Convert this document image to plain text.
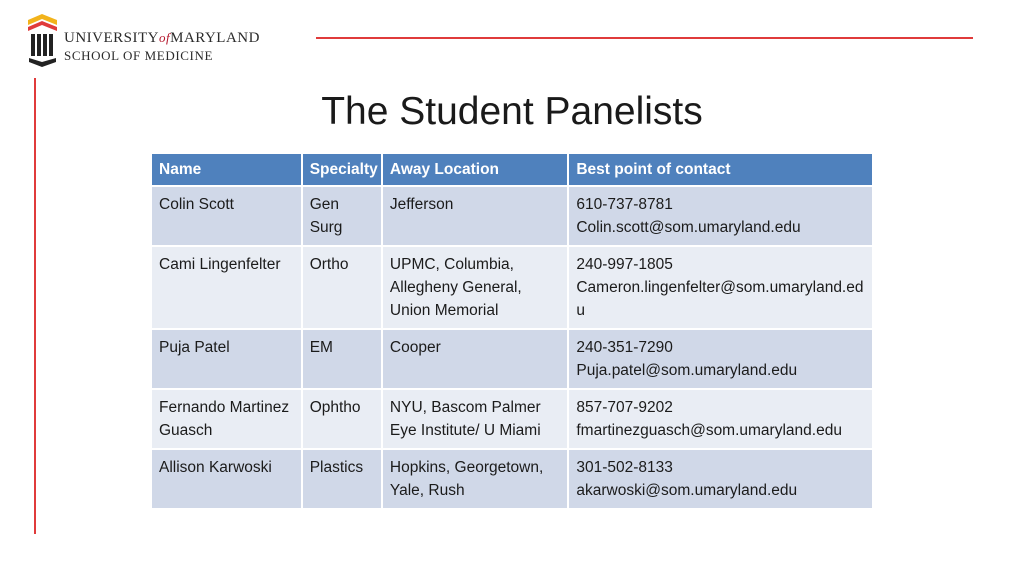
UNIVERSITYofMARYLAND
SCHOOL OF MEDICINE
The Student Panelists
Name	Specialty	Away Location	Best point of contact
Colin Scott	Gen Surg	Jefferson	610-737-8781
Colin.scott@som.umaryland.edu

Cami Lingenfelter	Ortho	UPMC, Columbia, Allegheny General, Union Memorial	240-997-1805
Cameron.lingenfelter@som.umaryland.edu

Puja Patel	EM	Cooper	240-351-7290
Puja.patel@som.umaryland.edu

Fernando Martinez Guasch	Ophtho	NYU, Bascom Palmer Eye Institute/ U Miami	857-707-9202
fmartinezguasch@som.umaryland.edu

Allison Karwoski	Plastics	Hopkins, Georgetown, Yale, Rush	301-502-8133
akarwoski@som.umaryland.edu
